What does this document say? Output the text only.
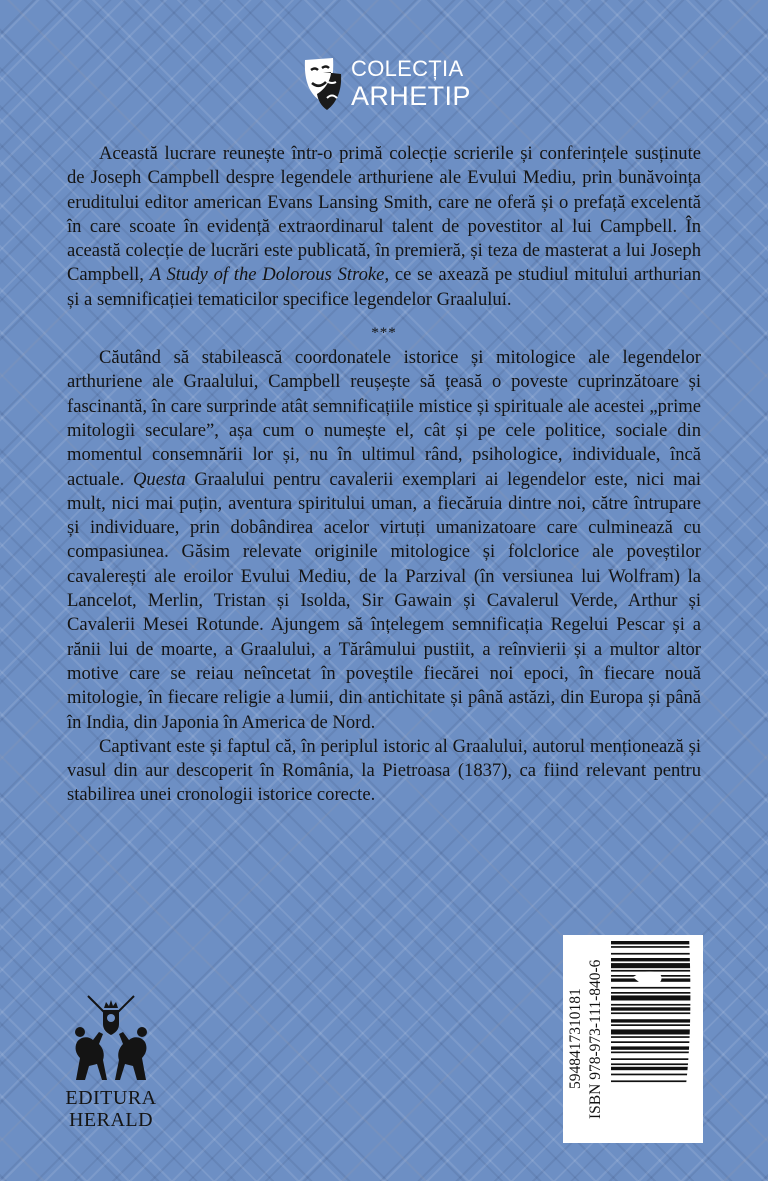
COLECȚIA
ARHETIP

Această lucrare reunește într-o primă colecție scrierile și conferințele susținute de Joseph Campbell despre legendele arthuriene ale Evului Mediu, prin bunăvoința eruditului editor american Evans Lansing Smith, care ne oferă și o prefață excelentă în care scoate în evidență extraordinarul talent de povestitor al lui Campbell. În această colecție de lucrări este publicată, în premieră, și teza de masterat a lui Joseph Campbell, A Study of the Dolorous Stroke, ce se axează pe studiul mitului arthurian și a semnificației tematicilor specifice legendelor Graalului.

***

Căutând să stabilească coordonatele istorice și mitologice ale legendelor arthuriene ale Graalului, Campbell reușește să țeasă o poveste cuprinzătoare și fascinantă, în care surprinde atât semnificațiile mistice și spirituale ale acestei „prime mitologii seculare”, așa cum o numește el, cât și pe cele politice, sociale din momentul consemnării lor și, nu în ultimul rând, psihologice, individuale, încă actuale. Questa Graalului pentru cavalerii exemplari ai legendelor este, nici mai mult, nici mai puțin, aventura spiritului uman, a fiecăruia dintre noi, către întrupare și individuare, prin dobândirea acelor virtuți umanizatoare care culminează cu compasiunea. Găsim relevate originile mitologice și folclorice ale poveștilor cavalerești ale eroilor Evului Mediu, de la Parzival (în versiunea lui Wolfram) la Lancelot, Merlin, Tristan și Isolda, Sir Gawain și Cavalerul Verde, Arthur și Cavalerii Mesei Rotunde. Ajungem să înțelegem semnificația Regelui Pescar și a rănii lui de moarte, a Graalului, a Tărâmului pustiit, a reînvierii și a multor altor motive care se reiau neîncetat în poveștile fiecărei noi epoci, în fiecare nouă mitologie, în fiecare religie a lumii, din antichitate și până astăzi, din Europa și până în India, din Japonia în America de Nord.

Captivant este și faptul că, în periplul istoric al Graalului, autorul menționează și vasul din aur descoperit în România, la Pietroasa (1837), ca fiind relevant pentru stabilirea unei cronologii istorice corecte.

EDITURA
HERALD
5948417310181 ISBN 978-973-111-840-6
